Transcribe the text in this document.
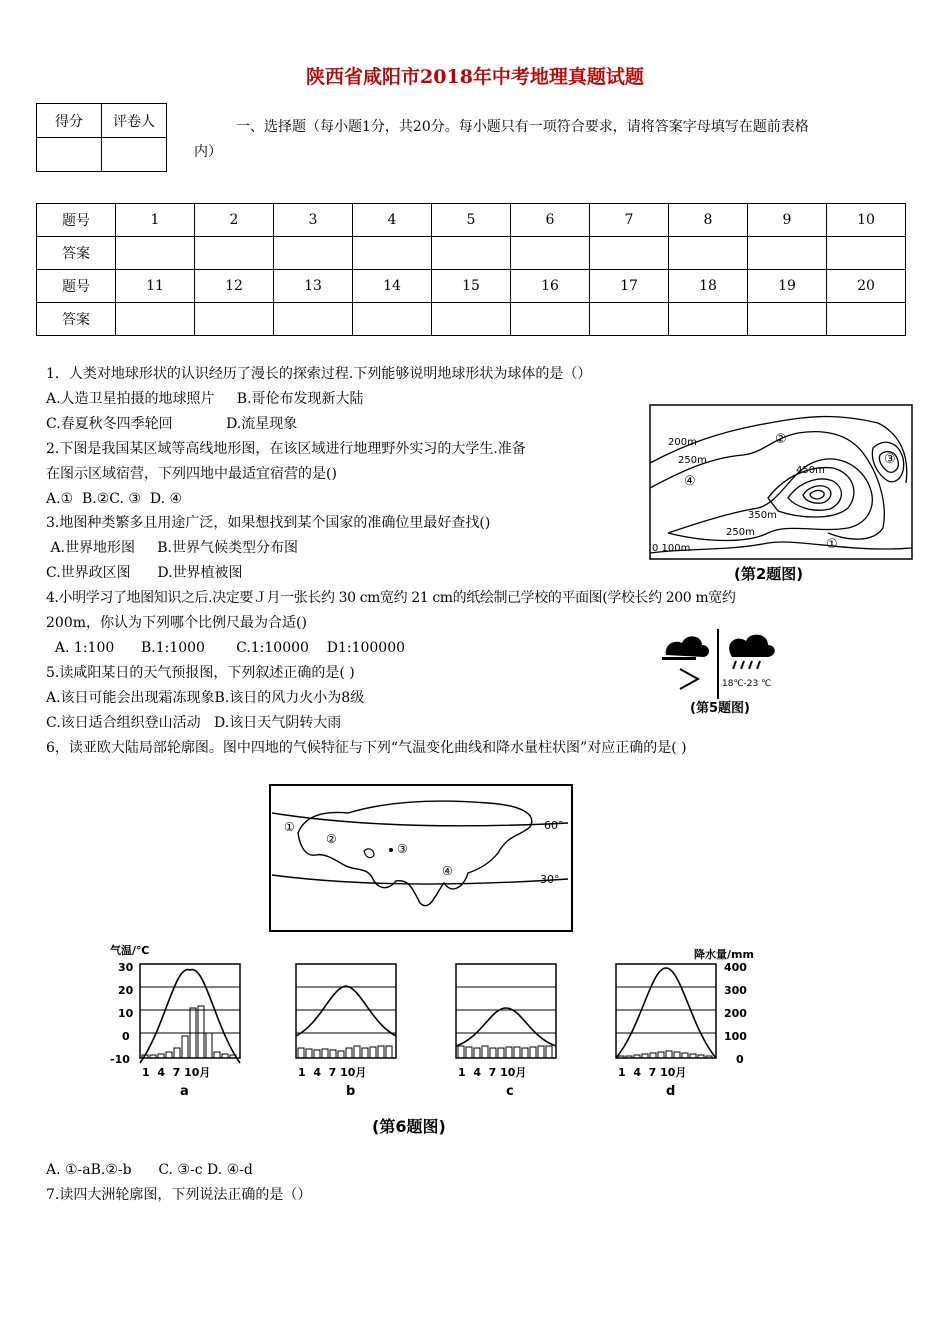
陕西省咸阳市2018年中考地理真题试题
得分	评卷人
		一、选择题（每小题1分，共20分。每小题只有一项符合要求，请将答案字母填写在题前表格
内）
题号	1	2	3	4	5	6	7	8	9	10
答案										
题号	11	12	13	14	15	16	17	18	19	20
答案										
1．人类对地球形状的认识经历了漫长的探索过程.下列能够说明地球形状为球体的是（）
A.人造卫星拍摄的地球照片     B.哥伦布发现新大陆
C.春夏秋冬四季轮回            D.流星现象
2.下图是我国某区域等高线地形图，在该区域进行地理野外实习的大学生.准备
在图示区域宿营，下列四地中最适宜宿营的是()
A.①  B.②C. ③  D. ④
3.地图种类繁多且用途广泛，如果想找到某个国家的准确位里最好查找()
A.世界地形图     B.世界气候类型分布图
C.世界政区图      D.世界植被图
4.小明学习了地图知识之后.决定要Ｊ月一张长约 30 cm宽约 21 cm的纸绘制己学校的平面图(学校长约 200 m宽约
200m，你认为下列哪个比例尺最为合适()
A. 1:100      B.1:1000       C.1:10000    D1:100000
5.读咸阳某日的天气预报图，下列叙述正确的是( )
A.该日可能会出现霜冻现象B.该日的风力火小为8级
C.该日适合组织登山活动   D.该日天气阴转大雨
6，读亚欧大陆局部轮廓图。图中四地的气候特征与下列“气温变化曲线和降水量柱状图”对应正确的是( )
A. ①-aB.②-b      C. ③-c D. ④-d
7.读四大洲轮廓图，下列说法正确的是（）
200m
250m
450m
350m
250m
0 100m	①
②
③
④
(第2题图)
18℃-23 ℃
(第5题图)
①
②
③
④
60°
30°
气温/℃	降水量/mm
30
20
10
0
-10
400
300
200
100
0
1  4  7 10月	1  4  7 10月	1  4  7 10月	1  4  7 10月
a	b	c	d
(第6题图)
